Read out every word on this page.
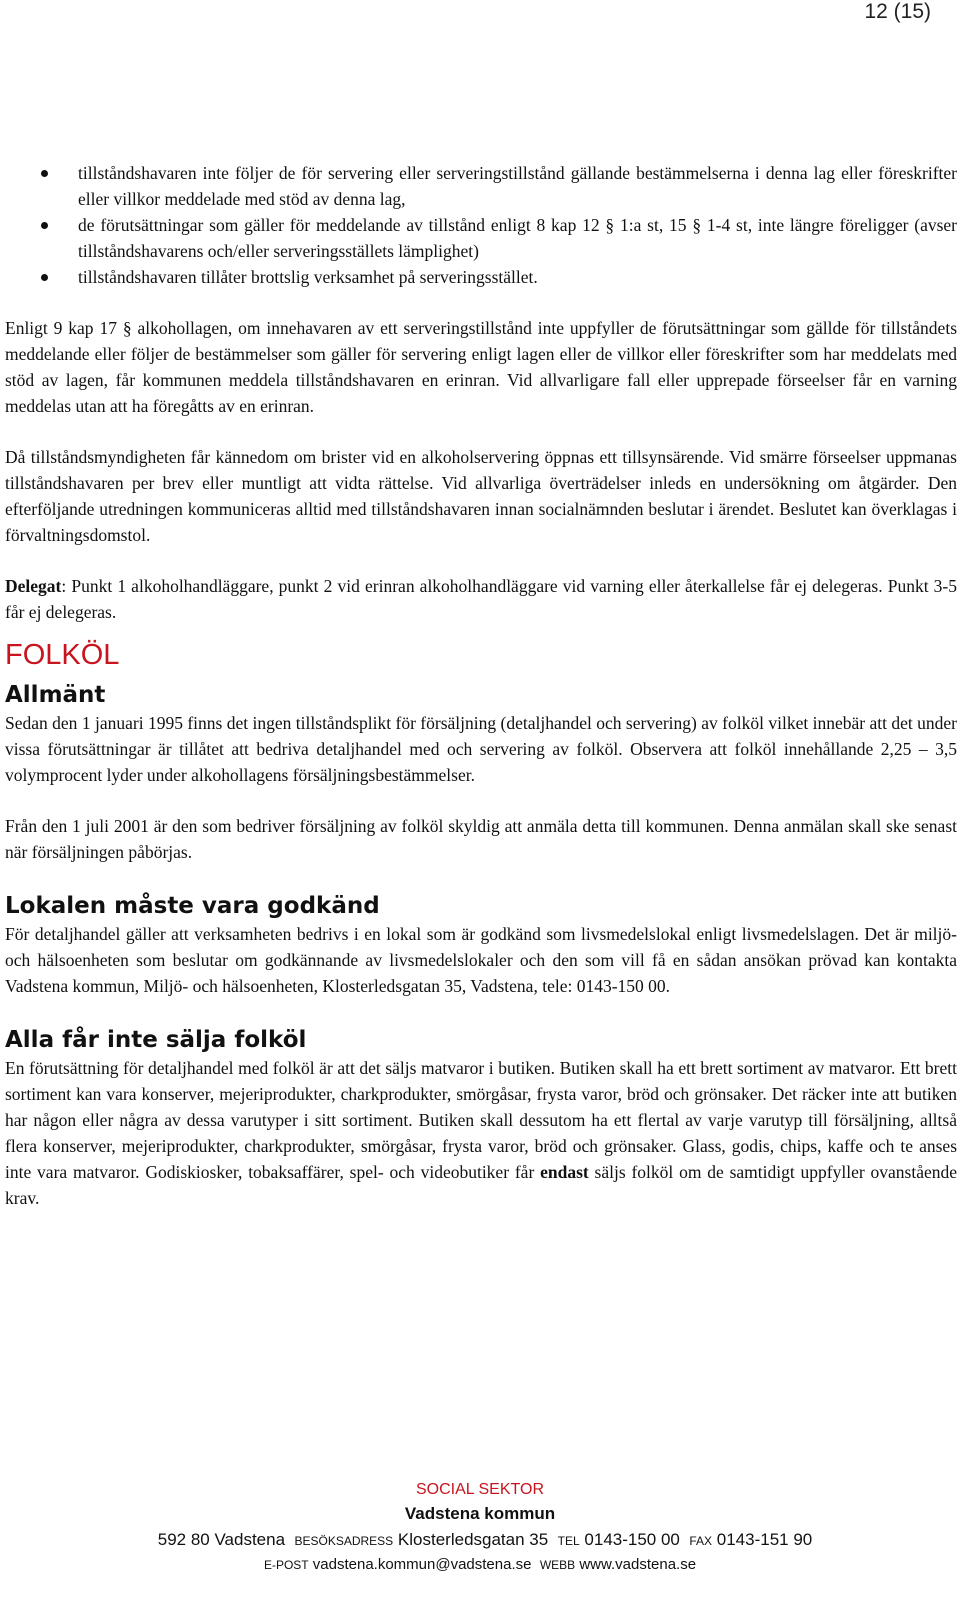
12 (15)
tillståndshavaren inte följer de för servering eller serveringstillstånd gällande bestämmelserna i denna lag eller föreskrifter eller villkor meddelade med stöd av denna lag,
de förutsättningar som gäller för meddelande av tillstånd enligt 8 kap 12 § 1:a st, 15 § 1-4 st, inte längre föreligger (avser tillståndshavarens och/eller serveringsställets lämplighet)
tillståndshavaren tillåter brottslig verksamhet på serveringsstället.

Enligt 9 kap 17 § alkohollagen, om innehavaren av ett serveringstillstånd inte uppfyller de förutsättningar som gällde för tillståndets meddelande eller följer de bestämmelser som gäller för servering enligt lagen eller de villkor eller föreskrifter som har meddelats med stöd av lagen, får kommunen meddela tillståndshavaren en erinran. Vid allvarligare fall eller upprepade förseelser får en varning meddelas utan att ha föregåtts av en erinran.

Då tillståndsmyndigheten får kännedom om brister vid en alkoholservering öppnas ett tillsynsärende. Vid smärre förseelser uppmanas tillståndshavaren per brev eller muntligt att vidta rättelse. Vid allvarliga överträdelser inleds en undersökning om åtgärder. Den efterföljande utredningen kommuniceras alltid med tillståndshavaren innan socialnämnden beslutar i ärendet. Beslutet kan överklagas i förvaltningsdomstol.

Delegat: Punkt 1 alkoholhandläggare, punkt 2 vid erinran alkoholhandläggare vid varning eller återkallelse får ej delegeras. Punkt 3-5 får ej delegeras.

FOLKÖL
Allmänt

Sedan den 1 januari 1995 finns det ingen tillståndsplikt för försäljning (detaljhandel och servering) av folköl vilket innebär att det under vissa förutsättningar är tillåtet att bedriva detaljhandel med och servering av folköl. Observera att folköl innehållande 2,25 – 3,5 volymprocent lyder under alkohollagens försäljningsbestämmelser.

Från den 1 juli 2001 är den som bedriver försäljning av folköl skyldig att anmäla detta till kommunen. Denna anmälan skall ske senast när försäljningen påbörjas.

Lokalen måste vara godkänd

För detaljhandel gäller att verksamheten bedrivs i en lokal som är godkänd som livsmedelslokal enligt livsmedelslagen. Det är miljö- och hälsoenheten som beslutar om godkännande av livsmedelslokaler och den som vill få en sådan ansökan prövad kan kontakta Vadstena kommun, Miljö- och hälsoenheten, Klosterledsgatan 35, Vadstena, tele: 0143-150 00.

Alla får inte sälja folköl

En förutsättning för detaljhandel med folköl är att det säljs matvaror i butiken. Butiken skall ha ett brett sortiment av matvaror. Ett brett sortiment kan vara konserver, mejeriprodukter, charkprodukter, smörgåsar, frysta varor, bröd och grönsaker. Det räcker inte att butiken har någon eller några av dessa varutyper i sitt sortiment. Butiken skall dessutom ha ett flertal av varje varutyp till försäljning, alltså flera konserver, mejeriprodukter, charkprodukter, smörgåsar, frysta varor, bröd och grönsaker. Glass, godis, chips, kaffe och te anses inte vara matvaror. Godiskiosker, tobaksaffärer, spel- och videobutiker får endast säljs folköl om de samtidigt uppfyller ovanstående krav.

SOCIAL SEKTOR
Vadstena kommun
592 80 Vadstena BESÖKSADRESS Klosterledsgatan 35 TEL 0143-150 00 FAX 0143-151 90
E-POST vadstena.kommun@vadstena.se WEBB www.vadstena.se
